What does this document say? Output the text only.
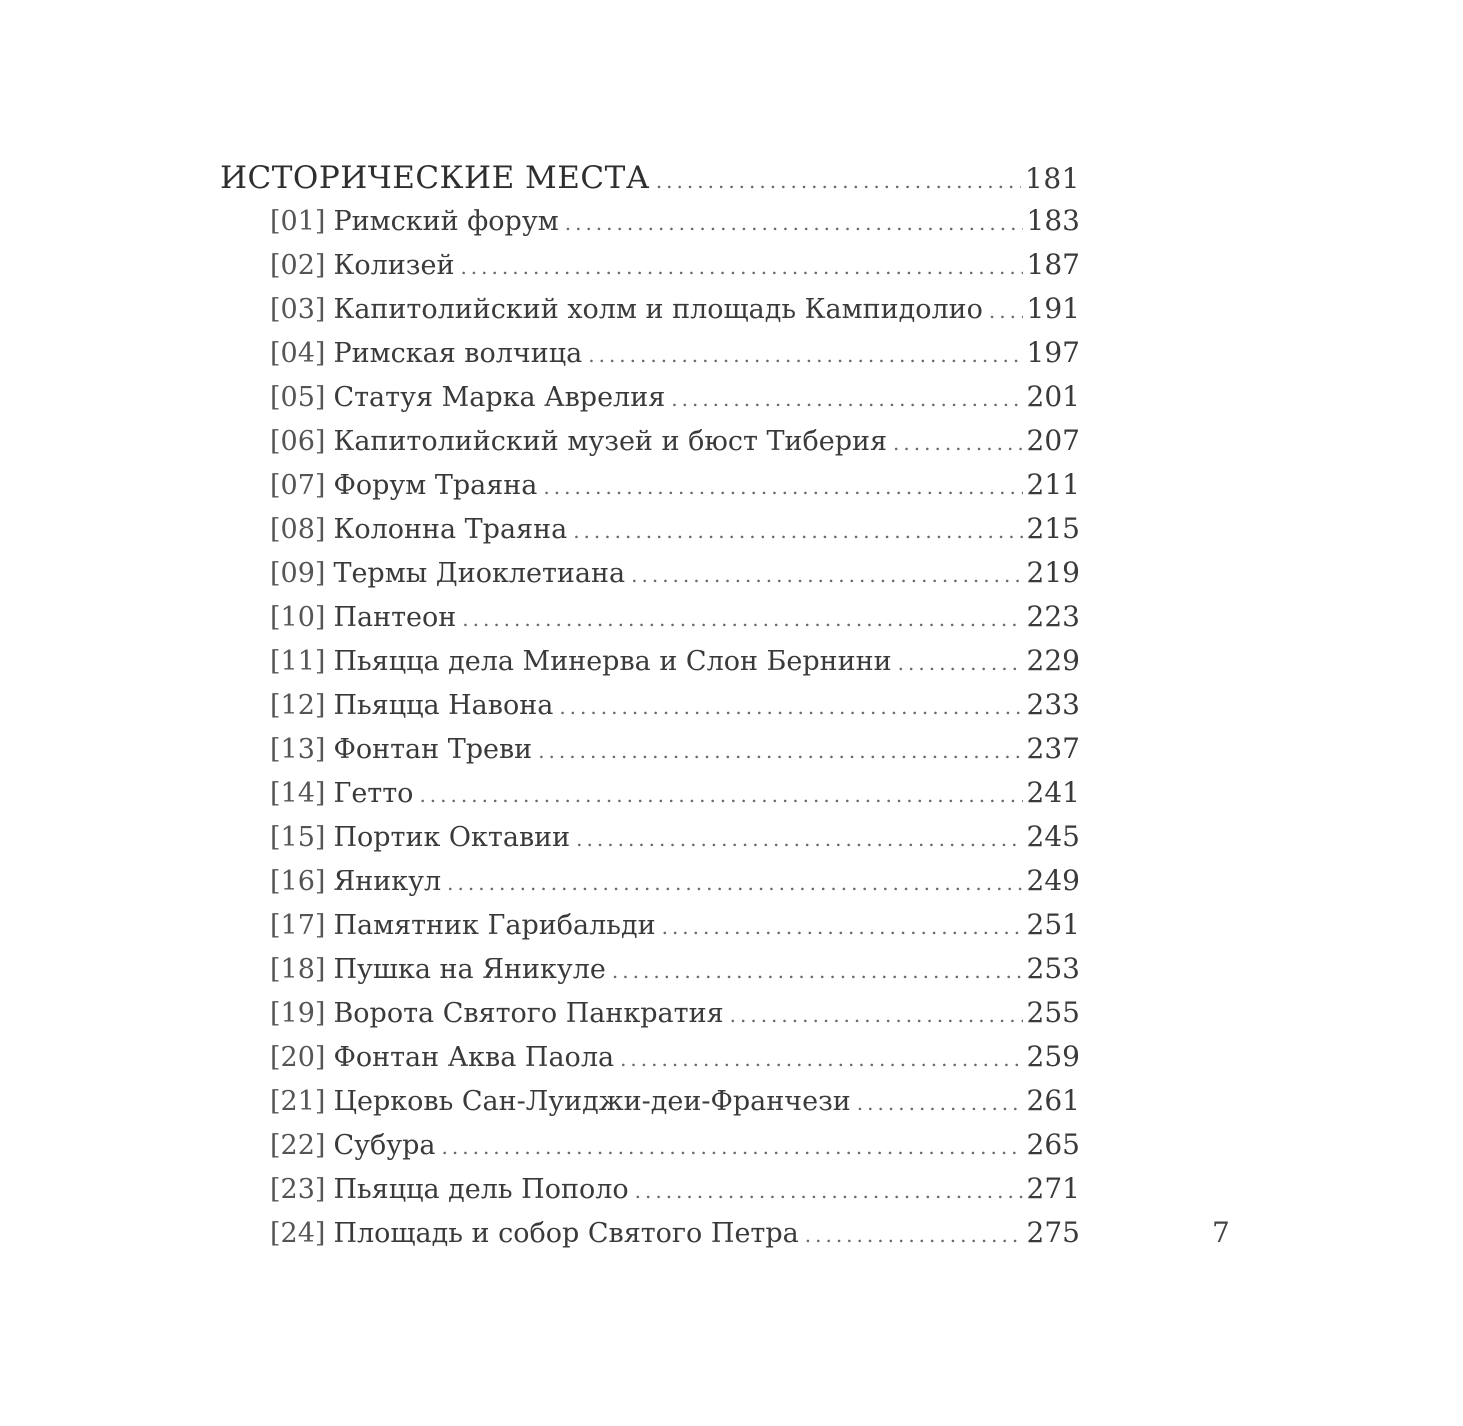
ИСТОРИЧЕСКИЕ МЕСТА .....	181
[01] Римский форум .....	183
[02] Колизей .....	187
[03] Капитолийский холм и площадь Кампидолио ..... 191
[04] Римская волчица .....	197
[05] Статуя Марка Аврелия .....	201
[06] Капитолийский музей и бюст Тиберия .....	207
[07] Форум Траяна .....	211
[08] Колонна Траяна .....	215
[09] Термы Диоклетиана .....	219
[10] Пантеон .....	223
[11] Пьяцца дела Минерва и Слон Бернини .....	229
[12] Пьяцца Навона .....	233
[13] Фонтан Треви .....	237
[14] Гетто .....	241
[15] Портик Октавии .....	245
[16] Яникул .....	249
[17] Памятник Гарибальди .....	251
[18] Пушка на Яникуле .....	253
[19] Ворота Святого Панкратия .....	255
[20] Фонтан Аква Паола .....	259
[21] Церковь Сан-Луиджи-деи-Франчези .....	261
[22] Субура .....	265
[23] Пьяцца дель Пополо .....	271
[24] Площадь и собор Святого Петра .....	275	7
